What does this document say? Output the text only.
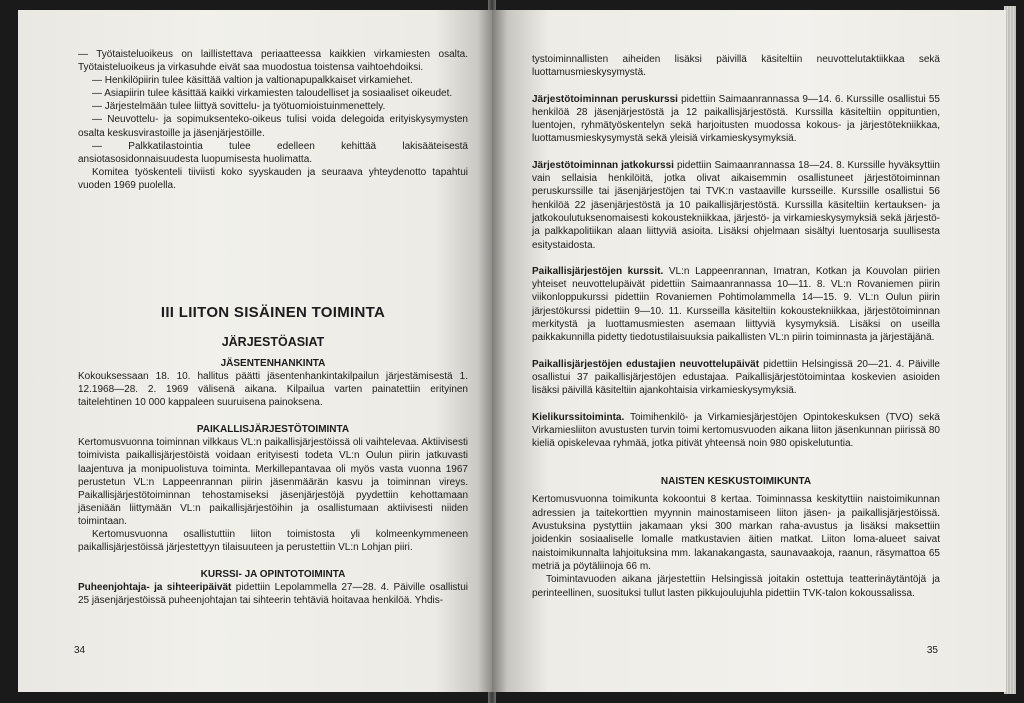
— Työtaisteluoikeus on laillistettava periaatteessa kaikkien virkamiesten osalta. Työtaisteluoikeus ja virkasuhde eivät saa muodostua toistensa vaihtoehdoiksi.

— Henkilöpiirin tulee käsittää valtion ja valtionapupalkkaiset virkamiehet.

— Asiapiirin tulee käsittää kaikki virkamiesten taloudelliset ja sosiaaliset oikeudet.

— Järjestelmään tulee liittyä sovittelu- ja työtuomioistuinmenettely.

— Neuvottelu- ja sopimuksenteko-oikeus tulisi voida delegoida erityiskysymysten osalta keskusvirastoille ja jäsenjärjestöille.

— Palkkatilastointia tulee edelleen kehittää lakisääteisestä ansiotasosidonnaisuudesta luopumisesta huolimatta.

Komitea työskenteli tiiviisti koko syyskauden ja seuraava yhteydenotto tapahtui vuoden 1969 puolella.

III LIITON SISÄINEN TOIMINTA
JÄRJESTÖASIAT
JÄSENTENHANKINTA

Kokouksessaan 18. 10. hallitus päätti jäsentenhankintakilpailun järjestämisestä 1. 12.1968—28. 2. 1969 välisenä aikana. Kilpailua varten painatettiin erityinen taitelehtinen 10 000 kappaleen suuruisena painoksena.

PAIKALLISJÄRJESTÖTOIMINTA

Kertomusvuonna toiminnan vilkkaus VL:n paikallisjärjestöissä oli vaihtelevaa. Aktiivisesti toimivista paikallisjärjestöistä voidaan erityisesti todeta VL:n Oulun piirin jatkuvasti laajentuva ja monipuolistuva toiminta. Merkillepantavaa oli myös vasta vuonna 1967 perustetun VL:n Lappeenrannan piirin jäsenmäärän kasvu ja toiminnan vireys. Paikallisjärjestötoiminnan tehostamiseksi jäsenjärjestöjä pyydettiin kehottamaan jäseniään liittymään VL:n paikallisjärjestöihin ja osallistumaan aktiivisesti niiden toimintaan.

Kertomusvuonna osallistuttiin liiton toimistosta yli kolmeenkymmeneen paikallisjärjestöissä järjestettyyn tilaisuuteen ja perustettiin VL:n Lohjan piiri.

KURSSI- JA OPINTOTOIMINTA

Puheenjohtaja- ja sihteeripäivät pidettiin Lepolammella 27—28. 4. Päiville osallistui 25 jäsenjärjestöissä puheenjohtajan tai sihteerin tehtäviä hoitavaa henkilöä. Yhdis-

34

tystoiminnallisten aiheiden lisäksi päivillä käsiteltiin neuvottelutaktiikkaa sekä luottamusmieskysymystä.

Järjestötoiminnan peruskurssi pidettiin Saimaanrannassa 9—14. 6. Kurssille osallistui 55 henkilöä 28 jäsenjärjestöstä ja 12 paikallisjärjestöstä. Kurssilla käsiteltiin oppituntien, luentojen, ryhmätyöskentelyn sekä harjoitusten muodossa kokous- ja järjestötekniikkaa, luottamusmieskysymystä sekä yleisiä virkamieskysymyksiä.

Järjestötoiminnan jatkokurssi pidettiin Saimaanrannassa 18—24. 8. Kurssille hyväksyttiin vain sellaisia henkilöitä, jotka olivat aikaisemmin osallistuneet järjestötoiminnan peruskurssille tai jäsenjärjestöjen tai TVK:n vastaaville kursseille. Kurssille osallistui 56 henkilöä 22 jäsenjärjestöstä ja 10 paikallisjärjestöstä. Kurssilla käsiteltiin kertauksen- ja jatkokoulutuksenomaisesti kokoustekniikkaa, järjestö- ja virkamieskysymyksiä sekä järjestö- ja palkkapolitiikan alaan liittyviä asioita. Lisäksi ohjelmaan sisältyi luentosarja suullisesta esitystaidosta.

Paikallisjärjestöjen kurssit. VL:n Lappeenrannan, Imatran, Kotkan ja Kouvolan piirien yhteiset neuvottelupäivät pidettiin Saimaanrannassa 10—11. 8. VL:n Rovaniemen piirin viikonloppukurssi pidettiin Rovaniemen Pohtimolammella 14—15. 9. VL:n Oulun piirin järjestökurssi pidettiin 9—10. 11. Kursseilla käsiteltiin kokoustekniikkaa, järjestötoiminnan merkitystä ja luottamusmiesten asemaan liittyviä kysymyksiä. Lisäksi on useilla paikkakunnilla pidetty tiedotustilaisuuksia paikallisten VL:n piirin toiminnasta ja järjestäjänä.

Paikallisjärjestöjen edustajien neuvottelupäivät pidettiin Helsingissä 20—21. 4. Päiville osallistui 37 paikallisjärjestöjen edustajaa. Paikallisjärjestötoimintaa koskevien asioiden lisäksi päivillä käsiteltiin ajankohtaisia virkamieskysymyksiä.

Kielikurssitoiminta. Toimihenkilö- ja Virkamiesjärjestöjen Opintokeskuksen (TVO) sekä Virkamiesliiton avustusten turvin toimi kertomusvuoden aikana liiton jäsenkunnan piirissä 80 kieliä opiskelevaa ryhmää, jotka pitivät yhteensä noin 980 opiskelutuntia.

NAISTEN KESKUSTOIMIKUNTA

Kertomusvuonna toimikunta kokoontui 8 kertaa. Toiminnassa keskityttiin naistoimikunnan adressien ja taitekorttien myynnin mainostamiseen liiton jäsen- ja paikallisjärjestöissä. Avustuksina pystyttiin jakamaan yksi 300 markan raha-avustus ja lisäksi maksettiin joidenkin sosiaaliselle lomalle matkustavien äitien matkat. Liiton loma-alueet saivat naistoimikunnalta lahjoituksina mm. lakanakangasta, saunavaakoja, raanun, räsymattoa 65 metriä ja pöytäliinoja 66 m.

Toimintavuoden aikana järjestettiin Helsingissä joitakin ostettuja teatterinäytäntöjä ja perinteellinen, suosituksi tullut lasten pikkujoulujuhla pidettiin TVK-talon kokoussalissa.

35
